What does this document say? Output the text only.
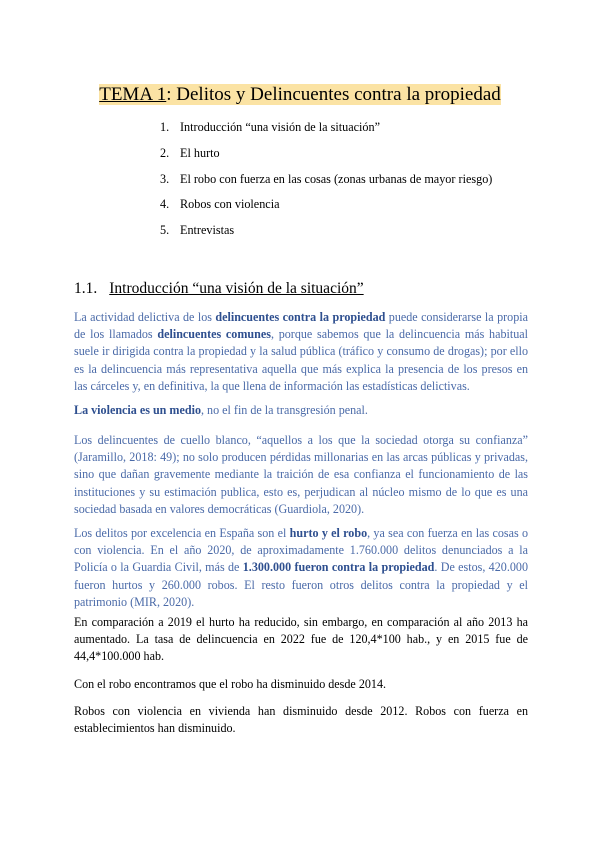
TEMA 1: Delitos y Delincuentes contra la propiedad
1. Introducción “una visión de la situación”
2. El hurto
3. El robo con fuerza en las cosas (zonas urbanas de mayor riesgo)
4. Robos con violencia
5. Entrevistas
1.1. Introducción “una visión de la situación”

La actividad delictiva de los delincuentes contra la propiedad puede considerarse la propia de los llamados delincuentes comunes, porque sabemos que la delincuencia más habitual suele ir dirigida contra la propiedad y la salud pública (tráfico y consumo de drogas); por ello es la delincuencia más representativa aquella que más explica la presencia de los presos en las cárceles y, en definitiva, la que llena de información las estadísticas delictivas.

La violencia es un medio, no el fin de la transgresión penal.

Los delincuentes de cuello blanco, “aquellos a los que la sociedad otorga su confianza” (Jaramillo, 2018: 49); no solo producen pérdidas millonarias en las arcas públicas y privadas, sino que dañan gravemente mediante la traición de esa confianza el funcionamiento de las instituciones y su estimación publica, esto es, perjudican al núcleo mismo de lo que es una sociedad basada en valores democráticas (Guardiola, 2020).

Los delitos por excelencia en España son el hurto y el robo, ya sea con fuerza en las cosas o con violencia. En el año 2020, de aproximadamente 1.760.000 delitos denunciados a la Policía o la Guardia Civil, más de 1.300.000 fueron contra la propiedad. De estos, 420.000 fueron hurtos y 260.000 robos. El resto fueron otros delitos contra la propiedad y el patrimonio (MIR, 2020).

En comparación a 2019 el hurto ha reducido, sin embargo, en comparación al año 2013 ha aumentado. La tasa de delincuencia en 2022 fue de 120,4*100 hab., y en 2015 fue de 44,4*100.000 hab.

Con el robo encontramos que el robo ha disminuido desde 2014.

Robos con violencia en vivienda han disminuido desde 2012. Robos con fuerza en establecimientos han disminuido.
